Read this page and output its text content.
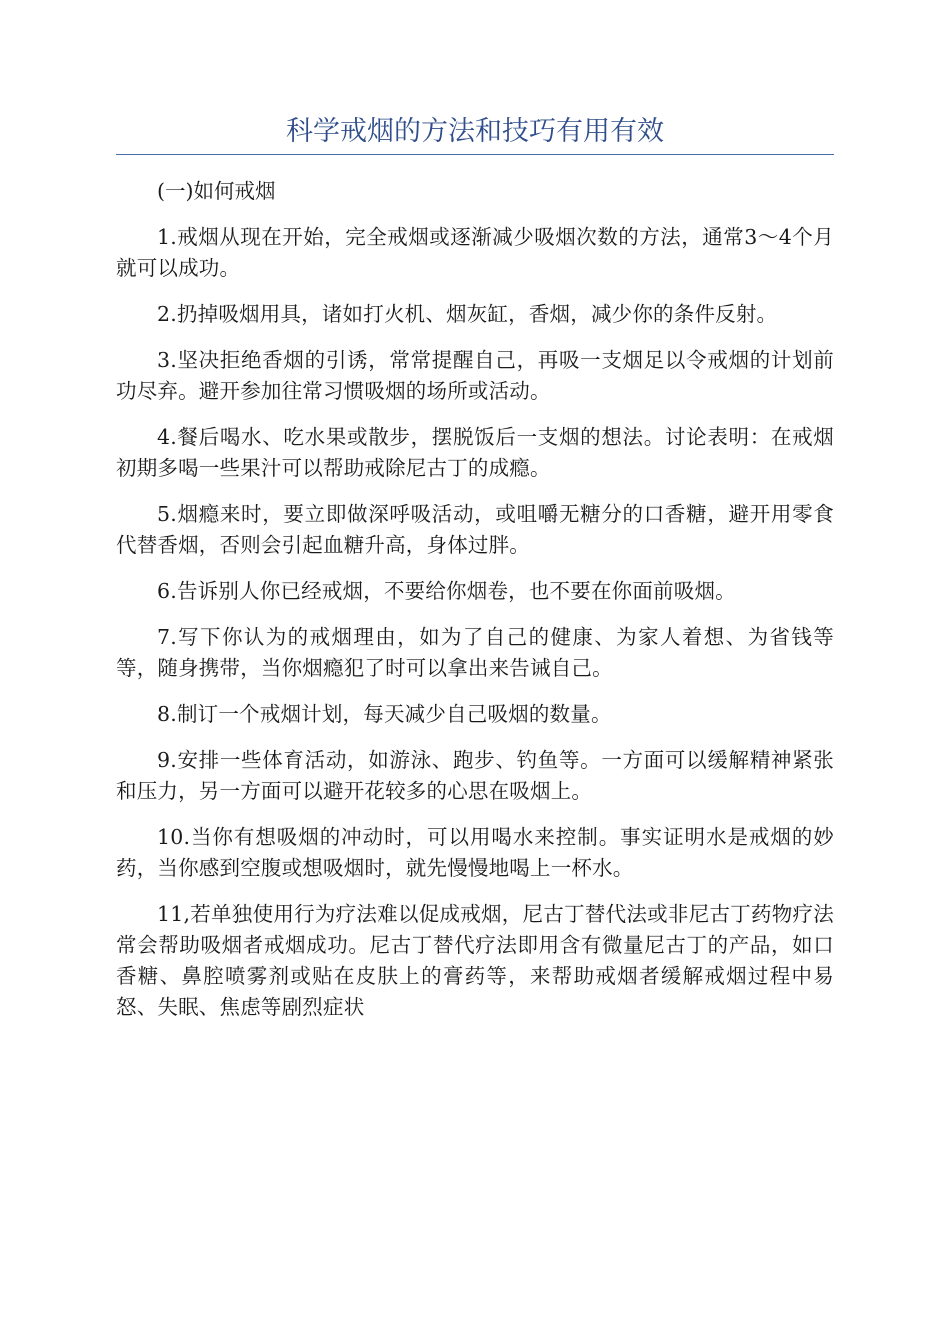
科学戒烟的方法和技巧有用有效

(一)如何戒烟

1.戒烟从现在开始，完全戒烟或逐渐减少吸烟次数的方法，通常3～4个月就可以成功。

2.扔掉吸烟用具，诸如打火机、烟灰缸，香烟，减少你的条件反射。

3.坚决拒绝香烟的引诱，常常提醒自己，再吸一支烟足以令戒烟的计划前功尽弃。避开参加往常习惯吸烟的场所或活动。

4.餐后喝水、吃水果或散步，摆脱饭后一支烟的想法。讨论表明：在戒烟初期多喝一些果汁可以帮助戒除尼古丁的成瘾。

5.烟瘾来时，要立即做深呼吸活动，或咀嚼无糖分的口香糖，避开用零食代替香烟，否则会引起血糖升高，身体过胖。

6.告诉别人你已经戒烟，不要给你烟卷，也不要在你面前吸烟。

7.写下你认为的戒烟理由，如为了自己的健康、为家人着想、为省钱等等，随身携带，当你烟瘾犯了时可以拿出来告诫自己。

8.制订一个戒烟计划，每天减少自己吸烟的数量。

9.安排一些体育活动，如游泳、跑步、钓鱼等。一方面可以缓解精神紧张和压力，另一方面可以避开花较多的心思在吸烟上。

10.当你有想吸烟的冲动时，可以用喝水来控制。事实证明水是戒烟的妙药，当你感到空腹或想吸烟时，就先慢慢地喝上一杯水。

11,若单独使用行为疗法难以促成戒烟，尼古丁替代法或非尼古丁药物疗法常会帮助吸烟者戒烟成功。尼古丁替代疗法即用含有微量尼古丁的产品，如口香糖、鼻腔喷雾剂或贴在皮肤上的膏药等，来帮助戒烟者缓解戒烟过程中易怒、失眠、焦虑等剧烈症状
